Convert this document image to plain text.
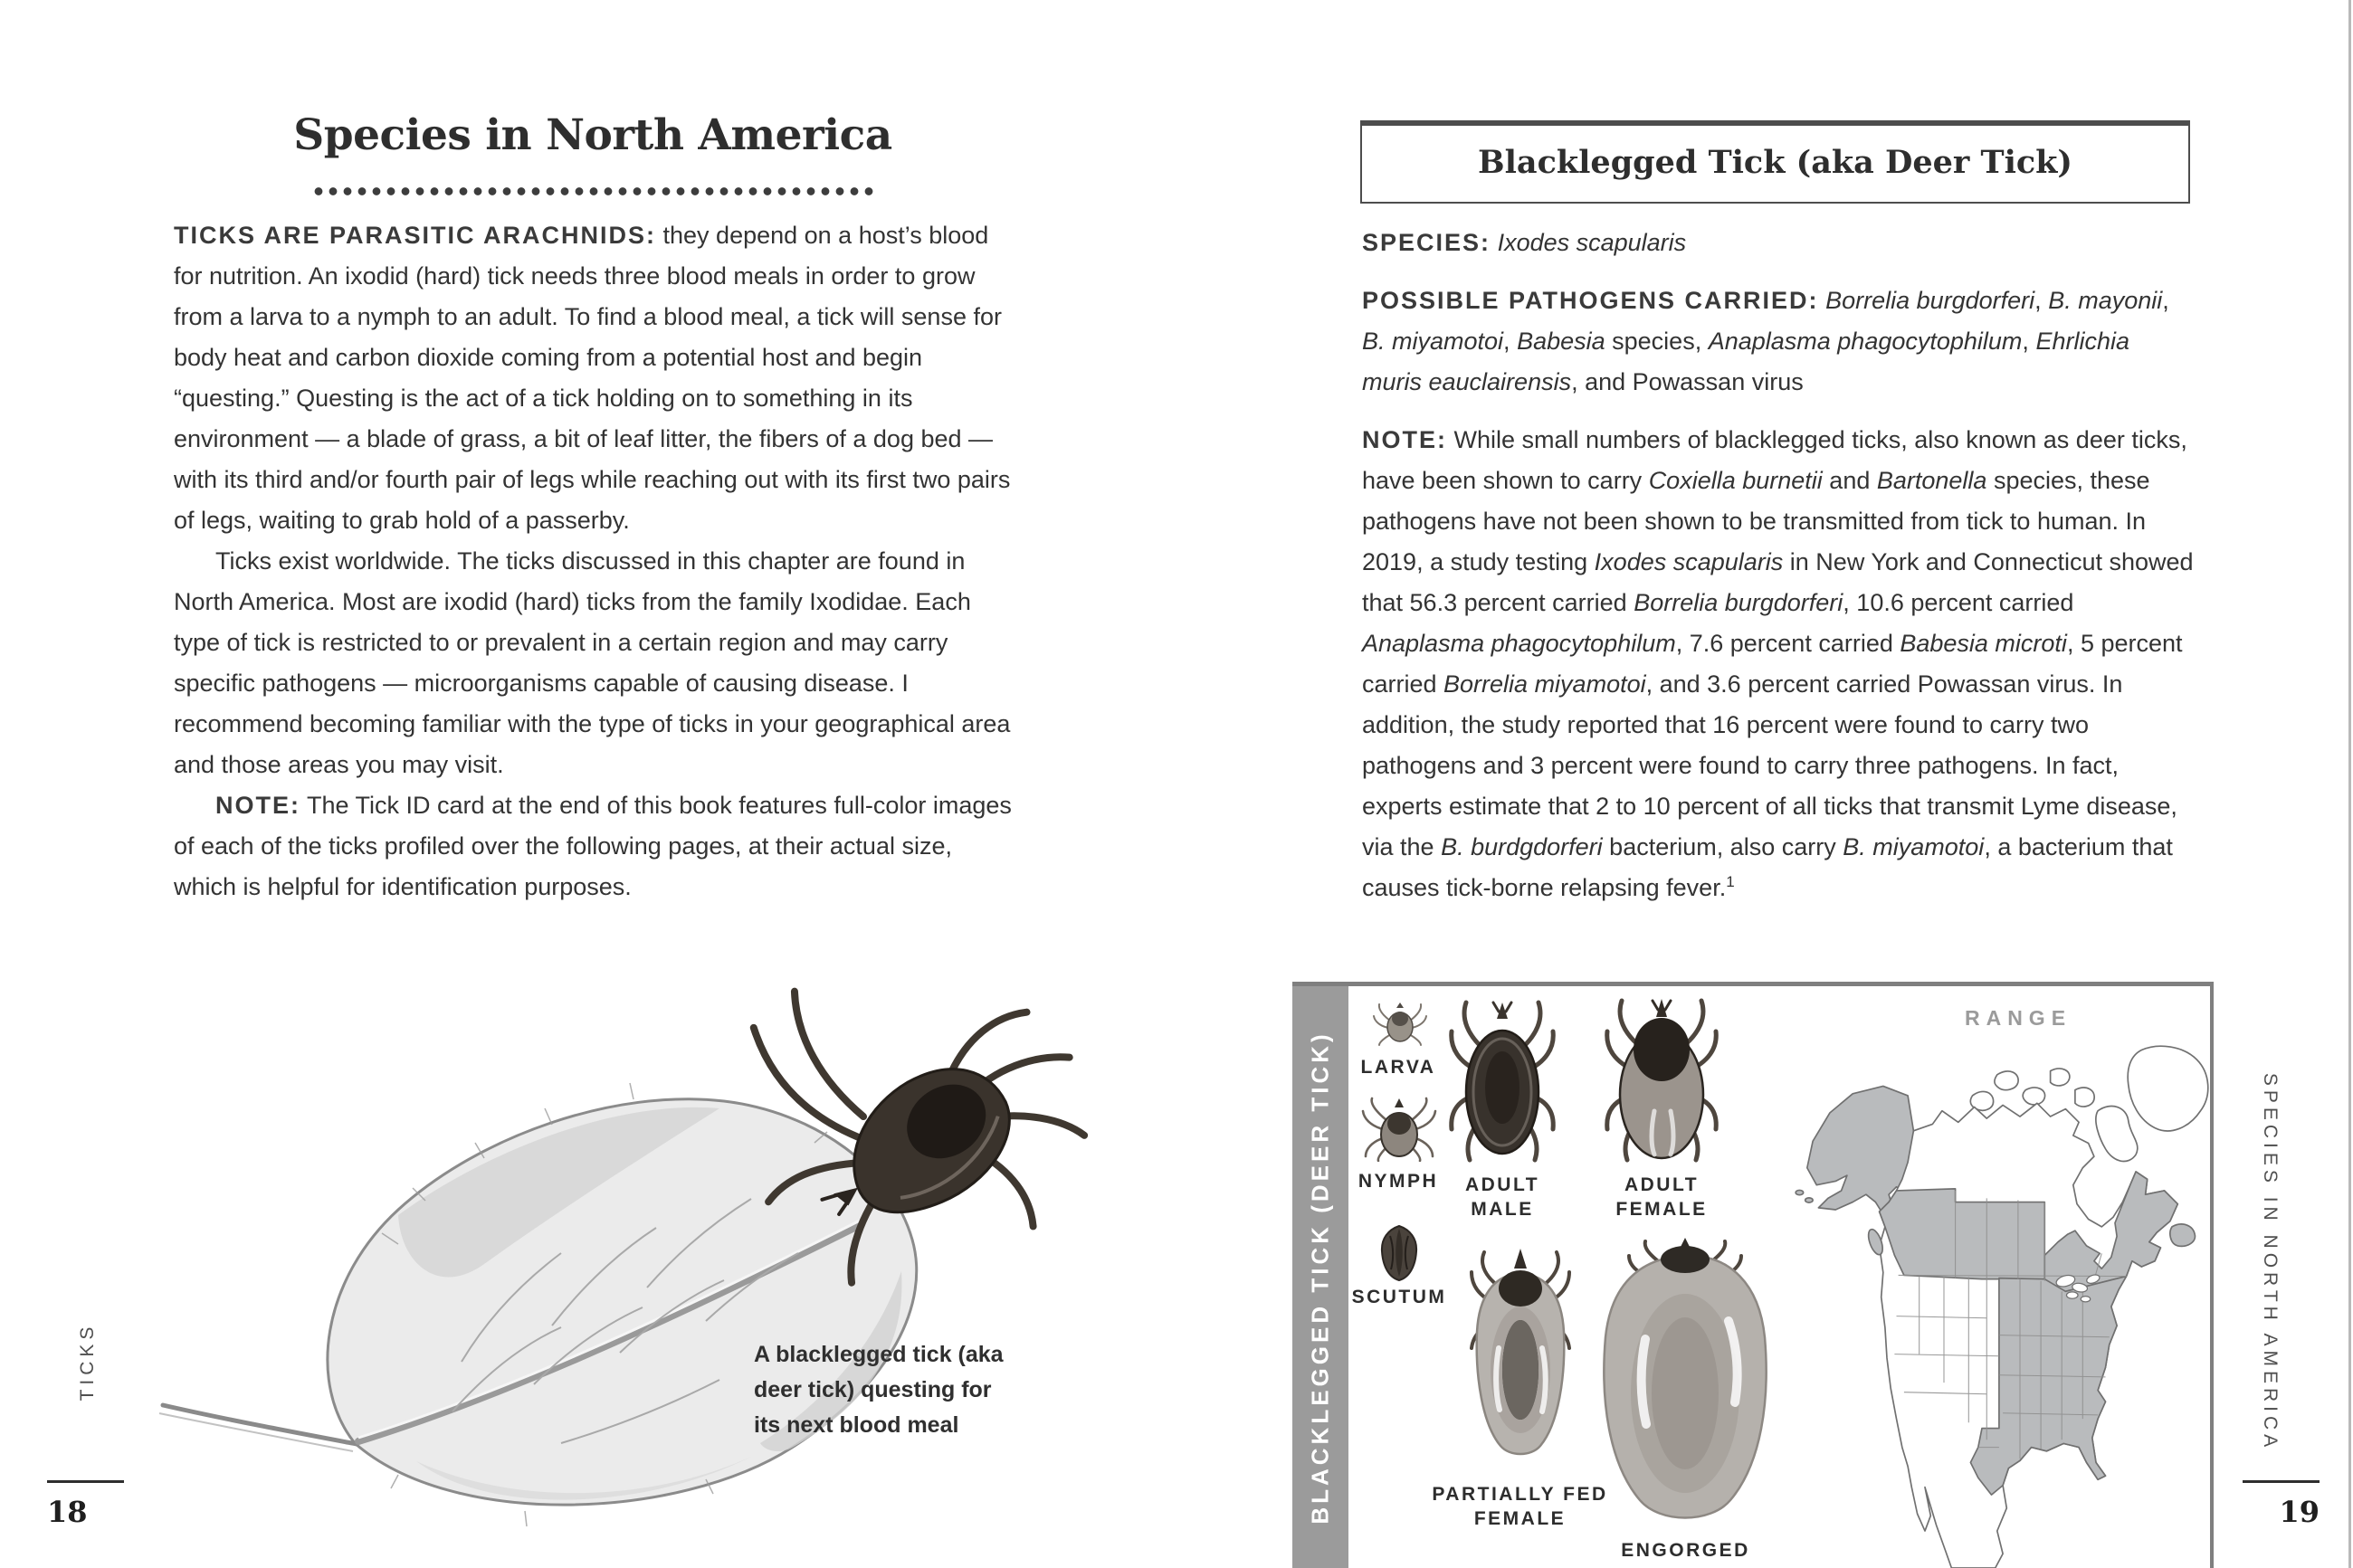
Species in North America
TICKS ARE PARASITIC ARACHNIDS: they depend on a host’s blood for nutrition. An ixodid (hard) tick needs three blood meals in order to grow from a larva to a nymph to an adult. To find a blood meal, a tick will sense for body heat and carbon dioxide coming from a potential host and begin “questing.” Questing is the act of a tick holding on to something in its environment — a blade of grass, a bit of leaf litter, the fibers of a dog bed — with its third and/or fourth pair of legs while reaching out with its first two pairs of legs, waiting to grab hold of a passerby.
Ticks exist worldwide. The ticks discussed in this chapter are found in North America. Most are ixodid (hard) ticks from the family Ixodidae. Each type of tick is restricted to or prevalent in a certain region and may carry specific pathogens — microorganisms capable of causing disease. I recommend becoming familiar with the type of ticks in your geographical area and those areas you may visit.
NOTE: The Tick ID card at the end of this book features full-color images of each of the ticks profiled over the following pages, at their actual size, which is helpful for identification purposes.
A blacklegged tick (aka deer tick) questing for its next blood meal
TICKS
18
Blacklegged Tick (aka Deer Tick)
SPECIES: Ixodes scapularis
POSSIBLE PATHOGENS CARRIED: Borrelia burgdorferi, B. mayonii, B. miyamotoi, Babesia species, Anaplasma phagocytophilum, Ehrlichia muris eauclairensis, and Powassan virus
NOTE: While small numbers of blacklegged ticks, also known as deer ticks, have been shown to carry Coxiella burnetii and Bartonella species, these pathogens have not been shown to be transmitted from tick to human. In 2019, a study testing Ixodes scapularis in New York and Connecticut showed that 56.3 percent carried Borrelia burgdorferi, 10.6 percent carried Anaplasma phagocytophilum, 7.6 percent carried Babesia microti, 5 percent carried Borrelia miyamotoi, and 3.6 percent carried Powassan virus. In addition, the study reported that 16 percent were found to carry two pathogens and 3 percent were found to carry three pathogens. In fact, experts estimate that 2 to 10 percent of all ticks that transmit Lyme disease, via the B. burdgdorferi bacterium, also carry B. miyamotoi, a bacterium that causes tick-borne relapsing fever.$^1$
BLACKLEGGED TICK (DEER TICK)	LARVA
NYMPH
SCUTUM
ADULT MALE
ADULT FEMALE
PARTIALLY FED FEMALE
ENGORGED
RANGE
SPECIES IN NORTH AMERICA
19
